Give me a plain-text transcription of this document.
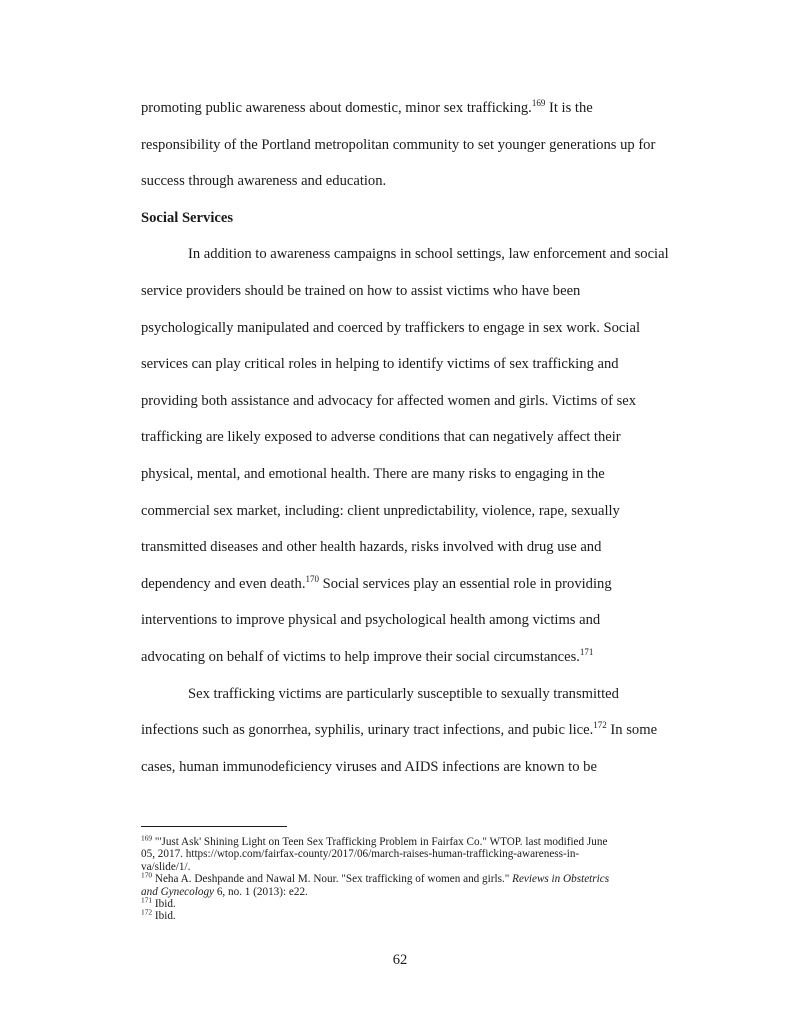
promoting public awareness about domestic, minor sex trafficking.$^{169}$ It is the
responsibility of the Portland metropolitan community to set younger generations up for
success through awareness and education.
Social Services
In addition to awareness campaigns in school settings, law enforcement and social
service providers should be trained on how to assist victims who have been
psychologically manipulated and coerced by traffickers to engage in sex work. Social
services can play critical roles in helping to identify victims of sex trafficking and
providing both assistance and advocacy for affected women and girls. Victims of sex
trafficking are likely exposed to adverse conditions that can negatively affect their
physical, mental, and emotional health. There are many risks to engaging in the
commercial sex market, including: client unpredictability, violence, rape, sexually
transmitted diseases and other health hazards, risks involved with drug use and
dependency and even death.$^{170}$ Social services play an essential role in providing
interventions to improve physical and psychological health among victims and
advocating on behalf of victims to help improve their social circumstances.$^{171}$
Sex trafficking victims are particularly susceptible to sexually transmitted
infections such as gonorrhea, syphilis, urinary tract infections, and pubic lice.$^{172}$ In some
cases, human immunodeficiency viruses and AIDS infections are known to be
$^{169}$ "'Just Ask' Shining Light on Teen Sex Trafficking Problem in Fairfax Co." WTOP. last modified June
05, 2017. https://wtop.com/fairfax-county/2017/06/march-raises-human-trafficking-awareness-in-
va/slide/1/.
$^{170}$ Neha A. Deshpande and Nawal M. Nour. "Sex trafficking of women and girls." Reviews in Obstetrics
and Gynecology 6, no. 1 (2013): e22.
$^{171}$ Ibid.
$^{172}$ Ibid.
62
